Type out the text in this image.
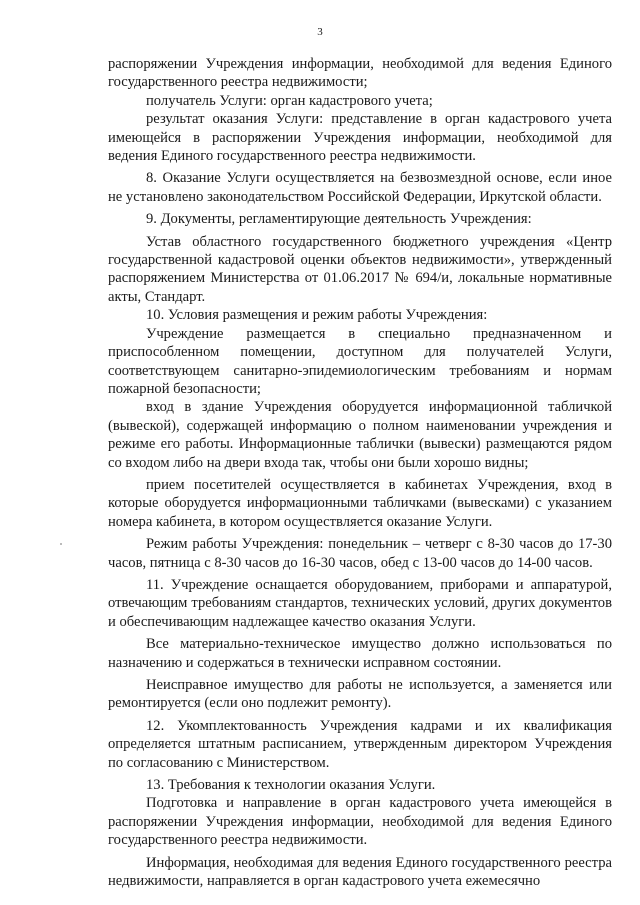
3

распоряжении Учреждения информации, необходимой для ведения Единого государственного реестра недвижимости;

получатель Услуги: орган кадастрового учета;

результат оказания Услуги: представление в орган кадастрового учета имеющейся в распоряжении Учреждения информации, необходимой для ведения Единого государственного реестра недвижимости.

8. Оказание Услуги осуществляется на безвозмездной основе, если иное не установлено законодательством Российской Федерации, Иркутской области.

9. Документы, регламентирующие деятельность Учреждения:

Устав областного государственного бюджетного учреждения «Центр государственной кадастровой оценки объектов недвижимости», утвержденный распоряжением Министерства от 01.06.2017 № 694/и, локальные нормативные акты, Стандарт.

10. Условия размещения и режим работы Учреждения:

Учреждение размещается в специально предназначенном и приспособленном помещении, доступном для получателей Услуги, соответствующем санитарно-эпидемиологическим требованиям и нормам пожарной безопасности;

вход в здание Учреждения оборудуется информационной табличкой (вывеской), содержащей информацию о полном наименовании учреждения и режиме его работы. Информационные таблички (вывески) размещаются рядом со входом либо на двери входа так, чтобы они были хорошо видны;

прием посетителей осуществляется в кабинетах Учреждения, вход в которые оборудуется информационными табличками (вывесками) с указанием номера кабинета, в котором осуществляется оказание Услуги.

Режим работы Учреждения: понедельник – четверг с 8-30 часов до 17-30 часов, пятница с 8-30 часов до 16-30 часов, обед с 13-00 часов до 14-00 часов.

11. Учреждение оснащается оборудованием, приборами и аппаратурой, отвечающим требованиям стандартов, технических условий, других документов и обеспечивающим надлежащее качество оказания Услуги.

Все материально-техническое имущество должно использоваться по назначению и содержаться в технически исправном состоянии.

Неисправное имущество для работы не используется, а заменяется или ремонтируется (если оно подлежит ремонту).

12. Укомплектованность Учреждения кадрами и их квалификация определяется штатным расписанием, утвержденным директором Учреждения по согласованию с Министерством.

13. Требования к технологии оказания Услуги.

Подготовка и направление в орган кадастрового учета имеющейся в распоряжении Учреждения информации, необходимой для ведения Единого государственного реестра недвижимости.

Информация, необходимая для ведения Единого государственного реестра недвижимости, направляется в орган кадастрового учета ежемесячно
